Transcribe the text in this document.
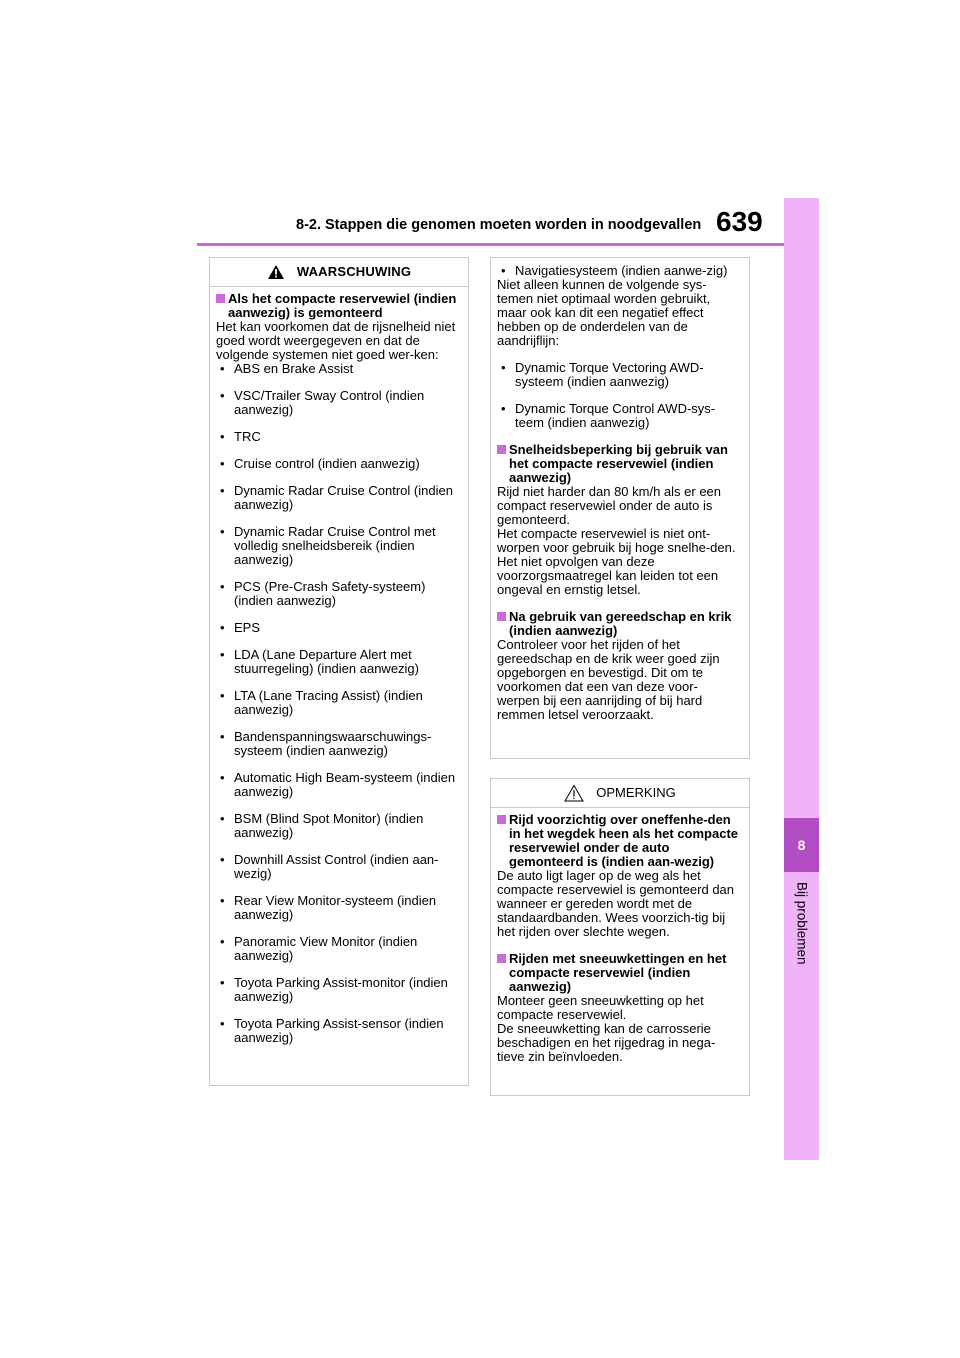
8-2. Stappen die genomen moeten worden in noodgevallen 639
8
Bij problemen
WAARSCHUWING
Als het compacte reservewiel (indien aanwezig) is gemonteerd

Het kan voorkomen dat de rijsnelheid niet goed wordt weergegeven en dat de volgende systemen niet goed wer-ken:

• ABS en Brake Assist
• VSC/Trailer Sway Control (indien aanwezig)
• TRC
• Cruise control (indien aanwezig)
• Dynamic Radar Cruise Control (indien aanwezig)
• Dynamic Radar Cruise Control met volledig snelheidsbereik (indien aanwezig)
• PCS (Pre-Crash Safety-systeem) (indien aanwezig)
• EPS
• LDA (Lane Departure Alert met stuurregeling) (indien aanwezig)
• LTA (Lane Tracing Assist) (indien aanwezig)
• Bandenspanningswaarschuwings-systeem (indien aanwezig)
• Automatic High Beam-systeem (indien aanwezig)
• BSM (Blind Spot Monitor) (indien aanwezig)
• Downhill Assist Control (indien aan-wezig)
• Rear View Monitor-systeem (indien aanwezig)
• Panoramic View Monitor (indien aanwezig)
• Toyota Parking Assist-monitor (indien aanwezig)
• Toyota Parking Assist-sensor (indien aanwezig)
• Navigatiesysteem (indien aanwe-zig)

Niet alleen kunnen de volgende sys-temen niet optimaal worden gebruikt, maar ook kan dit een negatief effect hebben op de onderdelen van de aandrijflijn:

• Dynamic Torque Vectoring AWD-systeem (indien aanwezig)
• Dynamic Torque Control AWD-sys-teem (indien aanwezig)
Snelheidsbeperking bij gebruik van het compacte reservewiel (indien aanwezig)

Rijd niet harder dan 80 km/h als er een compact reservewiel onder de auto is gemonteerd.

Het compacte reservewiel is niet ont-worpen voor gebruik bij hoge snelhe-den. Het niet opvolgen van deze voorzorgsmaatregel kan leiden tot een ongeval en ernstig letsel.

Na gebruik van gereedschap en krik (indien aanwezig)

Controleer voor het rijden of het gereedschap en de krik weer goed zijn opgeborgen en bevestigd. Dit om te voorkomen dat een van deze voor-werpen bij een aanrijding of bij hard remmen letsel veroorzaakt.

OPMERKING
Rijd voorzichtig over oneffenhe-den in het wegdek heen als het compacte reservewiel onder de auto gemonteerd is (indien aan-wezig)

De auto ligt lager op de weg als het compacte reservewiel is gemonteerd dan wanneer er gereden wordt met de standaardbanden. Wees voorzich-tig bij het rijden over slechte wegen.

Rijden met sneeuwkettingen en het compacte reservewiel (indien aanwezig)

Monteer geen sneeuwketting op het compacte reservewiel.

De sneeuwketting kan de carrosserie beschadigen en het rijgedrag in nega-tieve zin beïnvloeden.
